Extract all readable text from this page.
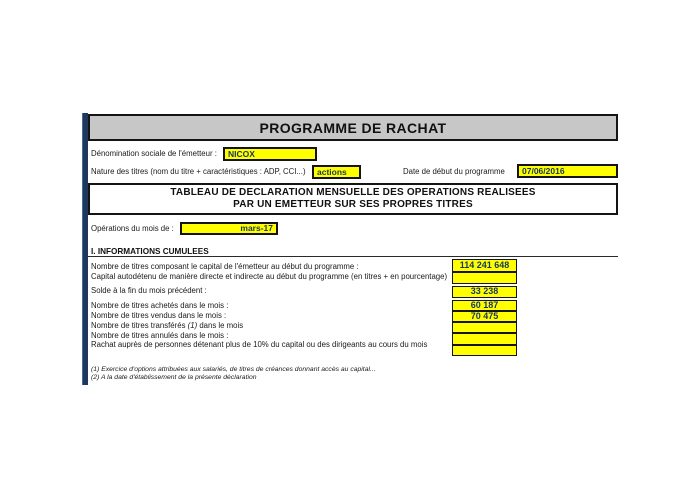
PROGRAMME DE RACHAT
Dénomination sociale de l'émetteur :	NICOX
Nature des titres (nom du titre + caractéristiques : ADP, CCI...)	actions	Date de début du programme	07/06/2016
TABLEAU DE DECLARATION MENSUELLE DES OPERATIONS REALISEES
PAR UN EMETTEUR SUR SES PROPRES TITRES
Opérations du mois de :	mars-17
I. INFORMATIONS CUMULEES
Nombre de titres composant le capital de l'émetteur au début du programme :	114 241 648
Capital autodétenu de manière directe et indirecte au début du programme (en titres + en pourcentage)
Solde à la fin du mois précédent :	33 238
Nombre de titres achetés dans le mois :	60 187
Nombre de titres vendus dans le mois :	70 475
Nombre de titres transférés (1) dans le mois
Nombre de titres annulés dans le mois :
Rachat auprès de personnes détenant plus de 10% du capital ou des dirigeants au cours du mois
(1) Exercice d'options attribuées aux salariés, de titres de créances donnant accès au capital...
(2) A la date d'établissement de la présente déclaration
